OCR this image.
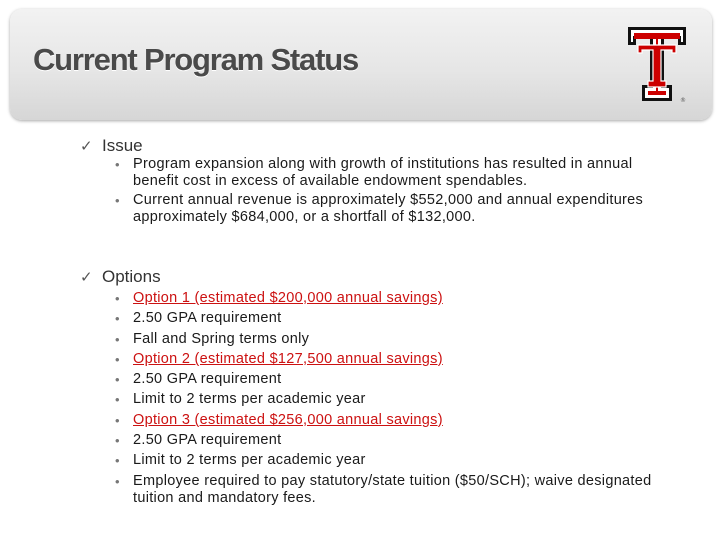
Current Program Status
®
✓ Issue
• Program expansion along with growth of institutions has resulted in annual benefit cost in excess of available endowment spendables.
• Current annual revenue is approximately $552,000 and annual expenditures approximately $684,000, or a shortfall of $132,000.
✓ Options
• Option 1 (estimated $200,000 annual savings)
• 2.50 GPA requirement
• Fall and Spring terms only
• Option 2 (estimated $127,500 annual savings)
• 2.50 GPA requirement
• Limit to 2 terms per academic year
• Option 3 (estimated $256,000 annual savings)
• 2.50 GPA requirement
• Limit to 2 terms per academic year
• Employee required to pay statutory/state tuition ($50/SCH); waive designated tuition and mandatory fees.
